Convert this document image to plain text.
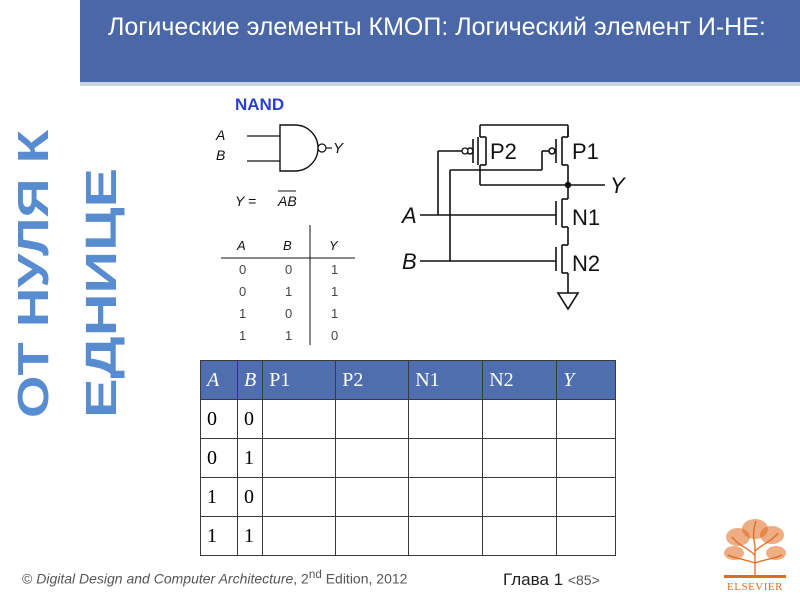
Логические элементы КМОП: Логический элемент И-НЕ:
ОТ НУЛЯ К ЕДНИЦЕ
NAND
A
B	Y
Y = AB
A	B	Y
0	0	1
0	1	1
1	0	1
1	1	0
P2	P1
N1
N2
Y
A
B
A	B	P1	P2	N1	N2	Y
0	0					
0	1					
1	0					
1	1					
© Digital Design and Computer Architecture, 2nd Edition, 2012	Глава 1 <85>	ELSEVIER
